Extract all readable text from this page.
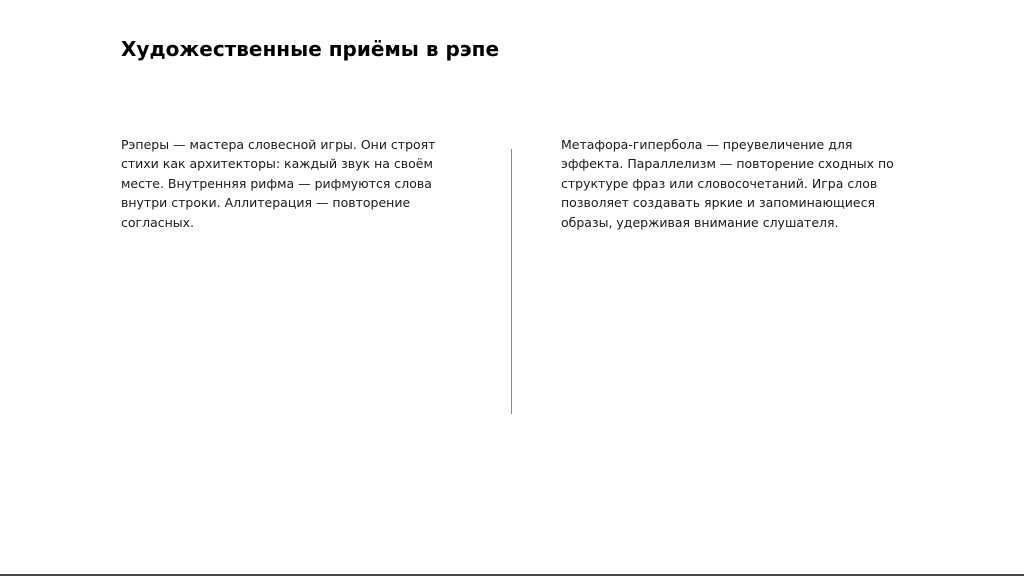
Художественные приёмы в рэпе

Рэперы — мастера словесной игры. Они строят стихи как архитекторы: каждый звук на своём месте. Внутренняя рифма — рифмуются слова внутри строки. Аллитерация — повторение согласных.

Метафора-гипербола — преувеличение для эффекта. Параллелизм — повторение сходных по структуре фраз или словосочетаний. Игра слов позволяет создавать яркие и запоминающиеся образы, удерживая внимание слушателя.
